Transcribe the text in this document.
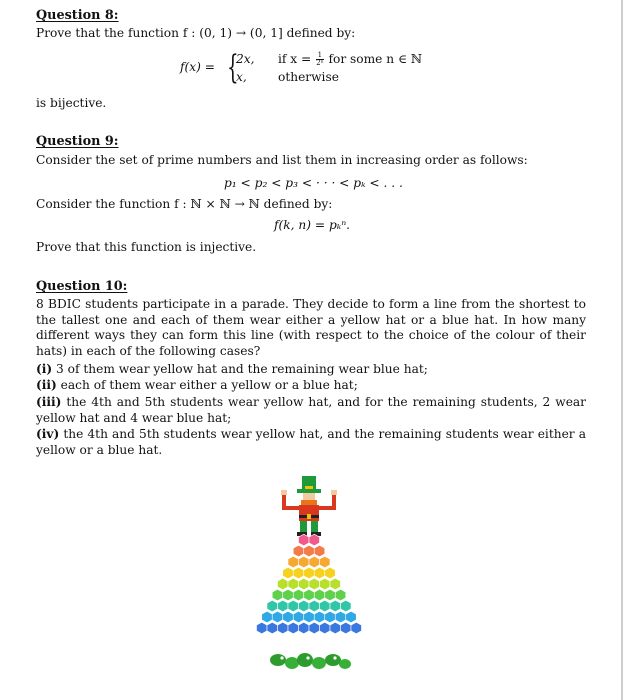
Question 8:
Prove that the function f : (0, 1) → (0, 1] defined by:
f(x) = {
2x, if $x = \frac{1}{\text{2ⁿ}}$ for some n ∈ ℕ
x,	otherwise
is bijective.
Question 9:
Consider the set of prime numbers and list them in increasing order as follows:
p₁ < p₂ < p₃ < · · · < pₖ < . . .
Consider the function f : ℕ × ℕ → ℕ defined by:
f(k, n) = pₖⁿ.
Prove that this function is injective.
Question 10:
8 BDIC students participate in a parade. They decide to form a line from the shortest to the tallest one and each of them wear either a yellow hat or a blue hat. In how many different ways they can form this line (with respect to the choice of the colour of their hats) in each of the following cases?
(i) 3 of them wear yellow hat and the remaining wear blue hat;
(ii) each of them wear either a yellow or a blue hat;
(iii) the 4th and 5th students wear yellow hat, and for the remaining students, 2 wear yellow hat and 4 wear blue hat;
(iv) the 4th and 5th students wear yellow hat, and the remaining students wear either a yellow or a blue hat.
